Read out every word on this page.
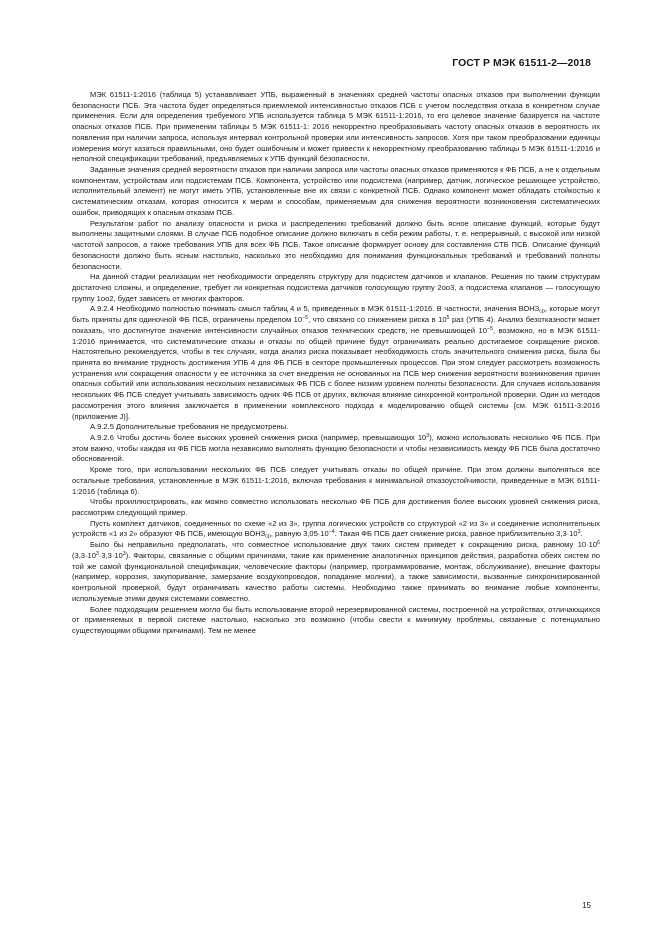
ГОСТ Р МЭК 61511-2—2018

МЭК 61511-1:2016 (таблица 5) устанавливает УПБ, выраженный в значениях средней частоты опасных отказов при выполнении функции безопасности ПСБ. Эта частота будет определяться приемлемой интенсивностью отказов ПСБ с учетом последствия отказа в конкретном случае применения. Если для определения требуемого УПБ используется таблица 5 МЭК 61511-1:2016, то его целевое значение базируется на частоте опасных отказов ПСБ. При применении таблицы 5 МЭК 61511-1: 2016 некорректно преобразовывать частоту опасных отказов в вероятность их появления при наличии запроса, используя интервал контрольной проверки или интенсивность запросов. Хотя при таком преобразовании единицы измерения могут казаться правильными, оно будет ошибочным и может привести к некорректному преобразованию таблицы 5 МЭК 61511-1:2016 и неполной спецификации требований, предъявляемых к УПБ функций безопасности.

Заданные значения средней вероятности отказов при наличии запроса или частоты опасных отказов применяются к ФБ ПСБ, а не к отдельным компонентам, устройствам или подсистемам ПСБ. Компонента, устройство или подсистема (например, датчик, логическое решающее устройство, исполнительный элемент) не могут иметь УПБ, установленные вне их связи с конкретной ПСБ. Однако компонент может обладать стойкостью к систематическим отказам, которая относится к мерам и способам, применяемым для снижения вероятности возникновения систематических ошибок, приводящих к опасным отказам ПСБ.

Результатом работ по анализу опасности и риска и распределению требований должно быть ясное описание функций, которые будут выполнены защитными слоями. В случае ПСБ подобное описание должно включать в себя режим работы, т. е. непрерывный, с высокой или низкой частотой запросов, а также требования УПБ для всех ФБ ПСБ. Такое описание формирует основу для составления СТБ ПСБ. Описание функций безопасности должно быть ясным настолько, насколько это необходимо для понимания функциональных требований и требований полноты безопасности.

На данной стадии реализации нет необходимости определять структуру для подсистем датчиков и клапанов. Решения по таким структурам достаточно сложны, и определение, требует ли конкретная подсистема датчиков голосующую группу 2оо3, а подсистема клапанов — голосующую группу 1оо2, будет зависеть от многих факторов.

А.9.2.4 Необходимо полностью понимать смысл таблиц 4 и 5, приведенных в МЭК 61511-1:2016. В частности, значения $ВОНЗ_{ср}$, которые могут быть приняты для одиночной ФБ ПСБ, ограничены пределом $10^{-5}$, что связано со снижением риска в $10^5$ раз (УПБ 4). Анализ безотказности может показать, что достигнутое значение интенсивности случайных отказов технических средств, не превышающей $10^{-5}$, возможно, но в МЭК 61511-1:2016 принимается, что систематические отказы и отказы по общей причине будут ограничивать реально достигаемое сокращение рисков. Настоятельно рекомендуется, чтобы в тех случаях, когда анализ риска показывает необходимость столь значительного снижения риска, была бы принята во внимание трудность достижения УПБ 4 для ФБ ПСБ в секторе промышленных процессов. При этом следует рассмотреть возможность устранения или сокращения опасности у ее источника за счет внедрения не основанных на ПСБ мер снижения вероятности возникновения причин опасных событий или использования нескольких независимых ФБ ПСБ с более низким уровнем полноты безопасности. Для случаев использования нескольких ФБ ПСБ следует учитывать зависимость одних ФБ ПСБ от других, включая влияние синхронной контрольной проверки. Один из методов рассмотрения этого влияния заключается в применении комплексного подхода к моделированию общей системы [см. МЭК 61511-3:2016 (приложение J)].

А.9.2.5 Дополнительные требования не предусмотрены.

А.9.2.6 Чтобы достичь более высоких уровней снижения риска (например, превышающих $10^3$), можно использовать несколько ФБ ПСБ. При этом важно, чтобы каждая из ФБ ПСБ могла независимо выполнять функцию безопасности и чтобы независимость между ФБ ПСБ была достаточно обоснованной.

Кроме того, при использовании нескольких ФБ ПСБ следует учитывать отказы по общей причине. При этом должны выполняться все остальные требования, установленные в МЭК 61511-1:2016, включая требования к минимальной отказоустойчивости, приведенные в МЭК 61511-1:2016 (таблица 6).

Чтобы проиллюстрировать, как можно совместно использовать несколько ФБ ПСБ для достижения более высоких уровней снижения риска, рассмотрим следующий пример.

Пусть комплект датчиков, соединенных по схеме «2 из 3», группа логических устройств со структурой «2 из 3» и соединение исполнительных устройств «1 из 2» образуют ФБ ПСБ, имеющую $ВОНЗ_{ср}$, равную $3,05\cdot 10^{-4}$. Такая ФБ ПСБ дает снижение риска, равное приблизительно $3,3\cdot 10^3$.

Было бы неправильно предполагать, что совместное использование двух таких систем приведет к сокращению риска, равному $10\cdot 10^6$ $(3,3\cdot 10^3\cdot 3,3\cdot 10^3)$. Факторы, связанные с общими причинами, такие как применение аналогичных принципов действия, разработка обеих систем по той же самой функциональной спецификации, человеческие факторы (например, программирование, монтаж, обслуживание), внешние факторы (например, коррозия, закупоривание, замерзание воздухопроводов, попадание молнии), а также зависимости, вызванные синхронизированной контрольной проверкой, будут ограничивать качество работы системы. Необходимо также принимать во внимание любые компоненты, используемые этими двумя системами совместно.

Более подходящим решением могло бы быть использование второй нерезервированной системы, построенной на устройствах, отличающихся от применяемых в первой системе настолько, насколько это возможно (чтобы свести к минимуму проблемы, связанные с потенциально существующими общими причинами). Тем не менее

15
